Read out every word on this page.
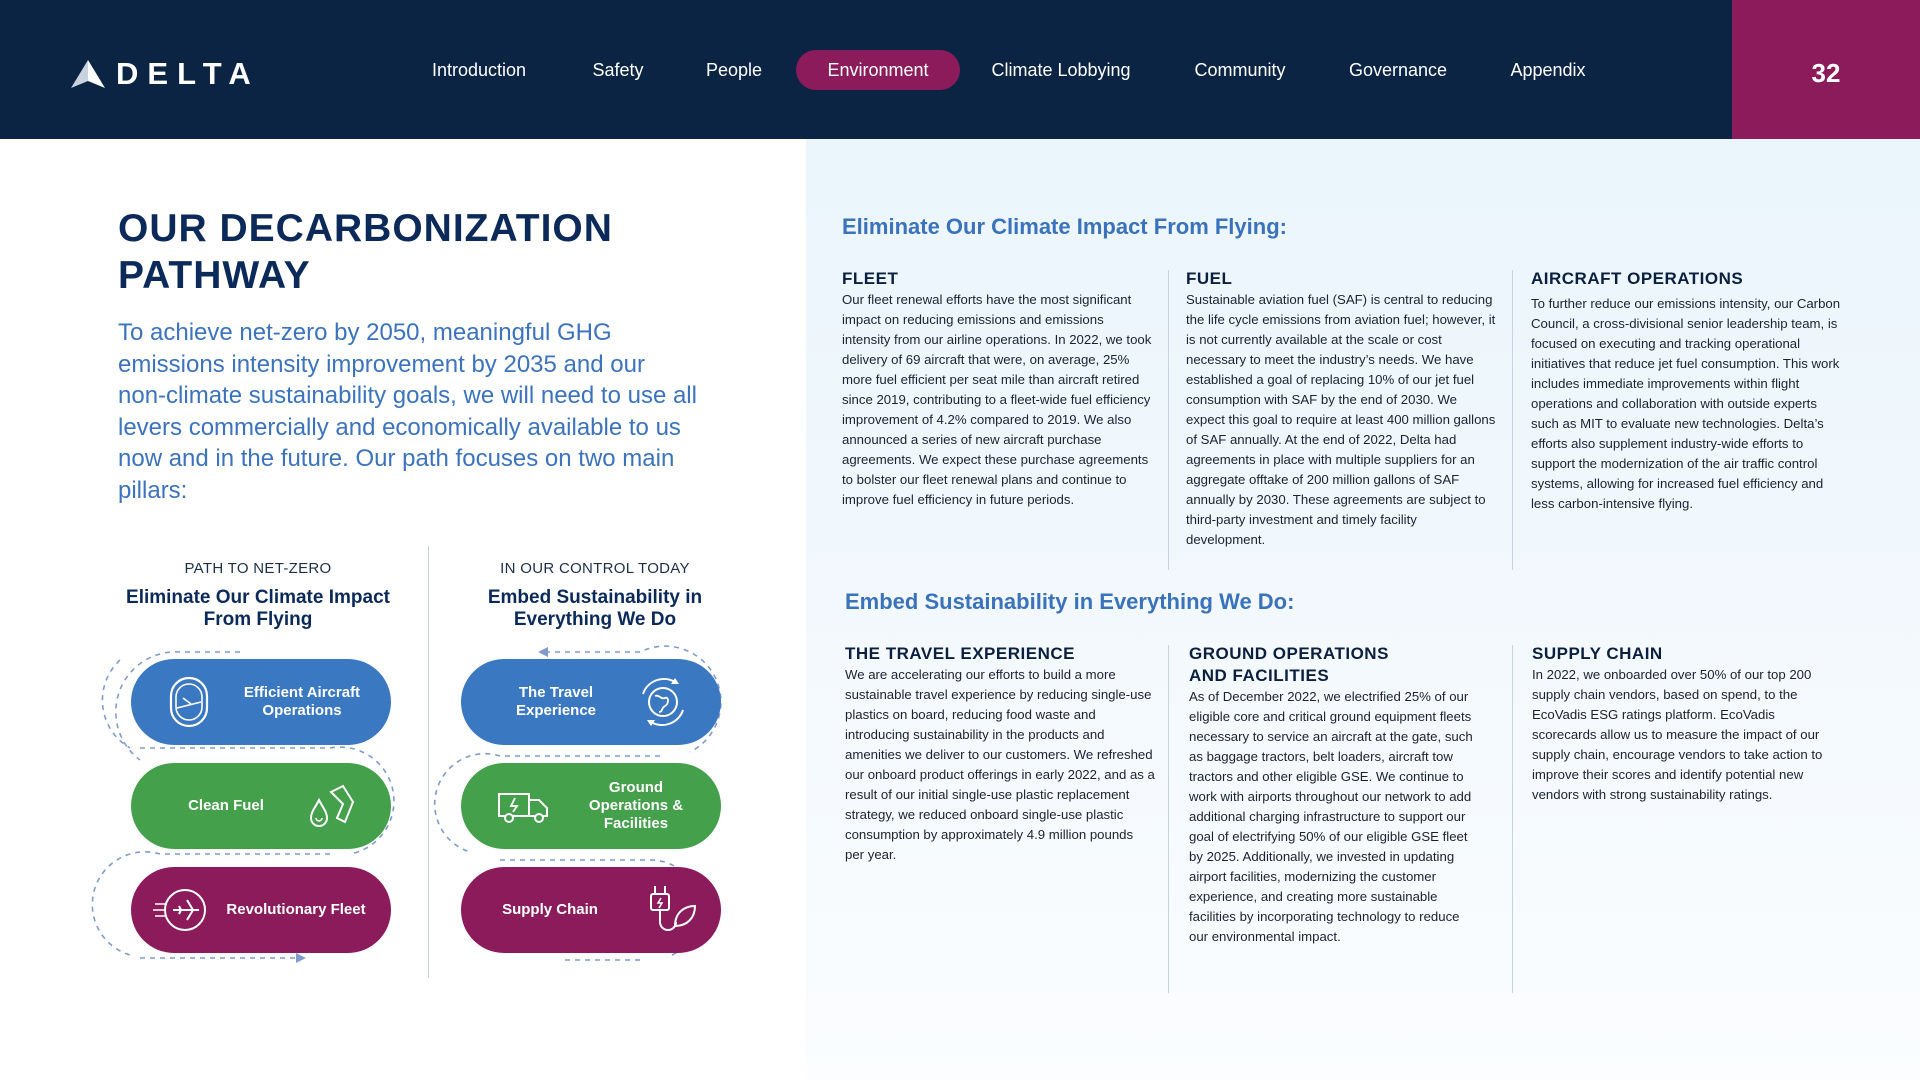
DELTA	Introduction	Safety	People	Environment	Climate Lobbying	Community	Governance	Appendix	32
OUR DECARBONIZATION
PATHWAY
To achieve net-zero by 2050, meaningful GHG emissions intensity improvement by 2035 and our non-climate sustainability goals, we will need to use all levers commercially and economically available to us now and in the future. Our path focuses on two main pillars:
PATH TO NET-ZERO
Eliminate Our Climate Impact From Flying
IN OUR CONTROL TODAY
Embed Sustainability in Everything We Do
Efficient Aircraft Operations
Clean Fuel
Revolutionary Fleet
The Travel Experience
Ground Operations & Facilities
Supply Chain
Eliminate Our Climate Impact From Flying:
FLEET
Our fleet renewal efforts have the most significant impact on reducing emissions and emissions intensity from our airline operations. In 2022, we took delivery of 69 aircraft that were, on average, 25% more fuel efficient per seat mile than aircraft retired since 2019, contributing to a fleet-wide fuel efficiency improvement of 4.2% compared to 2019. We also announced a series of new aircraft purchase agreements. We expect these purchase agreements to bolster our fleet renewal plans and continue to improve fuel efficiency in future periods.
FUEL
Sustainable aviation fuel (SAF) is central to reducing the life cycle emissions from aviation fuel; however, it is not currently available at the scale or cost necessary to meet the industry’s needs. We have established a goal of replacing 10% of our jet fuel consumption with SAF by the end of 2030. We expect this goal to require at least 400 million gallons of SAF annually. At the end of 2022, Delta had agreements in place with multiple suppliers for an aggregate offtake of 200 million gallons of SAF annually by 2030. These agreements are subject to third-party investment and timely facility development.
AIRCRAFT OPERATIONS
To further reduce our emissions intensity, our Carbon Council, a cross-divisional senior leadership team, is focused on executing and tracking operational initiatives that reduce jet fuel consumption. This work includes immediate improvements within flight operations and collaboration with outside experts such as MIT to evaluate new technologies. Delta’s efforts also supplement industry-wide efforts to support the modernization of the air traffic control systems, allowing for increased fuel efficiency and less carbon-intensive flying.
Embed Sustainability in Everything We Do:
THE TRAVEL EXPERIENCE
We are accelerating our efforts to build a more sustainable travel experience by reducing single-use plastics on board, reducing food waste and introducing sustainability in the products and amenities we deliver to our customers. We refreshed our onboard product offerings in early 2022, and as a result of our initial single-use plastic replacement strategy, we reduced onboard single-use plastic consumption by approximately 4.9 million pounds per year.
GROUND OPERATIONS AND FACILITIES
As of December 2022, we electrified 25% of our eligible core and critical ground equipment fleets necessary to service an aircraft at the gate, such as baggage tractors, belt loaders, aircraft tow tractors and other eligible GSE. We continue to work with airports throughout our network to add additional charging infrastructure to support our goal of electrifying 50% of our eligible GSE fleet by 2025. Additionally, we invested in updating airport facilities, modernizing the customer experience, and creating more sustainable facilities by incorporating technology to reduce our environmental impact.
SUPPLY CHAIN
In 2022, we onboarded over 50% of our top 200 supply chain vendors, based on spend, to the EcoVadis ESG ratings platform. EcoVadis scorecards allow us to measure the impact of our supply chain, encourage vendors to take action to improve their scores and identify potential new vendors with strong sustainability ratings.
